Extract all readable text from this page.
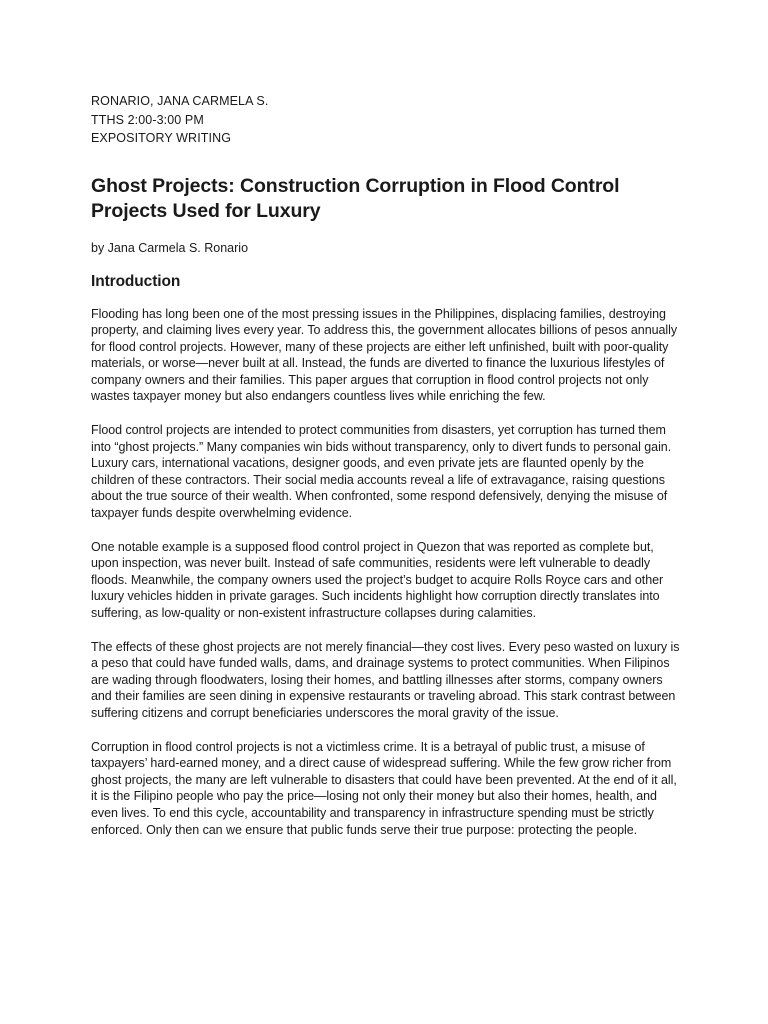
RONARIO, JANA CARMELA S.

TTHS 2:00-3:00 PM

EXPOSITORY WRITING

Ghost Projects: Construction Corruption in Flood Control Projects Used for Luxury

by Jana Carmela S. Ronario

Introduction

Flooding has long been one of the most pressing issues in the Philippines, displacing families, destroying property, and claiming lives every year. To address this, the government allocates billions of pesos annually for flood control projects. However, many of these projects are either left unfinished, built with poor-quality materials, or worse—never built at all. Instead, the funds are diverted to finance the luxurious lifestyles of company owners and their families. This paper argues that corruption in flood control projects not only wastes taxpayer money but also endangers countless lives while enriching the few.

Flood control projects are intended to protect communities from disasters, yet corruption has turned them into “ghost projects.” Many companies win bids without transparency, only to divert funds to personal gain. Luxury cars, international vacations, designer goods, and even private jets are flaunted openly by the children of these contractors. Their social media accounts reveal a life of extravagance, raising questions about the true source of their wealth. When confronted, some respond defensively, denying the misuse of taxpayer funds despite overwhelming evidence.

One notable example is a supposed flood control project in Quezon that was reported as complete but, upon inspection, was never built. Instead of safe communities, residents were left vulnerable to deadly floods. Meanwhile, the company owners used the project’s budget to acquire Rolls Royce cars and other luxury vehicles hidden in private garages. Such incidents highlight how corruption directly translates into suffering, as low-quality or non-existent infrastructure collapses during calamities.

The effects of these ghost projects are not merely financial—they cost lives. Every peso wasted on luxury is a peso that could have funded walls, dams, and drainage systems to protect communities. When Filipinos are wading through floodwaters, losing their homes, and battling illnesses after storms, company owners and their families are seen dining in expensive restaurants or traveling abroad. This stark contrast between suffering citizens and corrupt beneficiaries underscores the moral gravity of the issue.

Corruption in flood control projects is not a victimless crime. It is a betrayal of public trust, a misuse of taxpayers’ hard-earned money, and a direct cause of widespread suffering. While the few grow richer from ghost projects, the many are left vulnerable to disasters that could have been prevented. At the end of it all, it is the Filipino people who pay the price—losing not only their money but also their homes, health, and even lives. To end this cycle, accountability and transparency in infrastructure spending must be strictly enforced. Only then can we ensure that public funds serve their true purpose: protecting the people.
